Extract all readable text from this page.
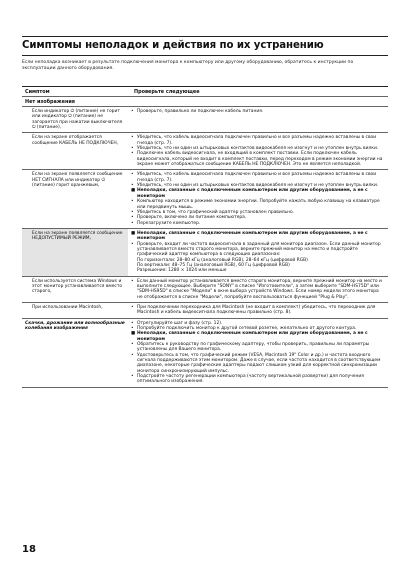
Симптомы неполадок и действия по их устранению
Если неполадка возникает в результате подключения монитора к компьютеру или другому оборудованию, обратитесь к инструкции по эксплуатации данного оборудования.
Симптом	Проверьте следующее
Нет изображения
Если индикатор ⏻ (питание) не горит или индикатор ⏻ (питание) не загорается при нажатии выключателя ⏻ (питание),
• Проверьте, правильно ли подключен кабель питания.
Если на экране отображается сообщение КАБЕЛЬ НЕ ПОДКЛЮЧЕН,
• Убедитесь, что кабель видеосигнала подключен правильно и все разъемы надежно вставлены в свои гнезда (стр. 7).
• Убедитесь, что ни один из штырьковых контактов видеокабеля не изогнут и не утоплен внутрь вилки.
• Подключен кабель видеосигнала, не входящий в комплект поставки. Если подключен кабель видеосигнала, который не входит в комплект поставки, перед переходом в режим экономии энергии на экране может отображаться сообщение КАБЕЛЬ НЕ ПОДКЛЮЧЕН. Это не является неполадкой.
Если на экране появляется сообщение НЕТ СИГНАЛА или индикатор ⏻ (питание) горит оранжевым,
• Убедитесь, что кабель видеосигнала подключен правильно и все разъемы надежно вставлены в свои гнезда (стр. 7).
• Убедитесь, что ни один из штырьковых контактов видеокабеля не изогнут и не утоплен внутрь вилки.
■ Неполадки, связанные с подключенным компьютером или другим оборудованием, а не с монитором
• Компьютер находится в режиме экономии энергии. Попробуйте нажать любую клавишу на клавиатуре или передвинуть мышь.
• Убедитесь в том, что графический адаптер установлен правильно.
• Проверьте, включено ли питание компьютера.
• Перезагрузите компьютер.
Если на экране появляется сообщение НЕДОПУСТИМЫЙ РЕЖИМ,
■ Неполадки, связанные с подключенным компьютером или другим оборудованием, а не с монитором
• Проверьте, входит ли частота видеосигнала в заданный для монитора диапазон. Если данный монитор устанавливается вместо старого монитора, верните прежний монитор на место и подстройте графический адаптер компьютера в следующих диапазонах:
По горизонтали: 28–80 кГц (аналоговый RGB), 28–64 кГц (цифровой RGB)
По вертикали: 48–75 Гц (аналоговый RGB), 60 Гц (цифровой RGB)
Разрешение: 1280 × 1024 или меньше
Если используется система Windows и этот монитор устанавливается вместо старого,
• Если данный монитор устанавливается вместо старого монитора, верните прежний монитор на место и выполните следующее. Выберите "SONY" в списке "Изготовители", а затем выберите "SDM-HS75D" или "SDM-HS95D" в списке "Модели" в окне выбора устройств Windows. Если номер модели этого монитора не отображается в списке "Модели", попробуйте воспользоваться функцией "Plug & Play".
При использовании Macintosh,	• При подключении переходника для Macintosh (не входит в комплект) убедитесь, что переходник для Macintosh и кабель видеосигнала подключены правильно (стр. 8).
Скачки, дрожание или волнообразные колебания изображения
• Отрегулируйте шаг и фазу (стр. 12).
• Попробуйте подключить монитор к другой сетевой розетке, желательно от другого контура.
■ Неполадки, связанные с подключенным компьютером или другим оборудованием, а не с монитором
• Обратитесь к руководству по графическому адаптеру, чтобы проверить, правильны ли параметры установлены для Вашего монитора.
• Удостоверьтесь в том, что графический режим (VESA, Macintosh 19" Color и др.) и частота входного сигнала поддерживаются этим монитором. Даже в случае, если частота находится в соответствующем диапазоне, некоторые графические адаптеры подают слишком узкий для корректной синхронизации монитора синхронизирующий импульс.
• Подстройте частоту регенерации компьютера (частоту вертикальной развертки) для получения оптимального изображения.
18
